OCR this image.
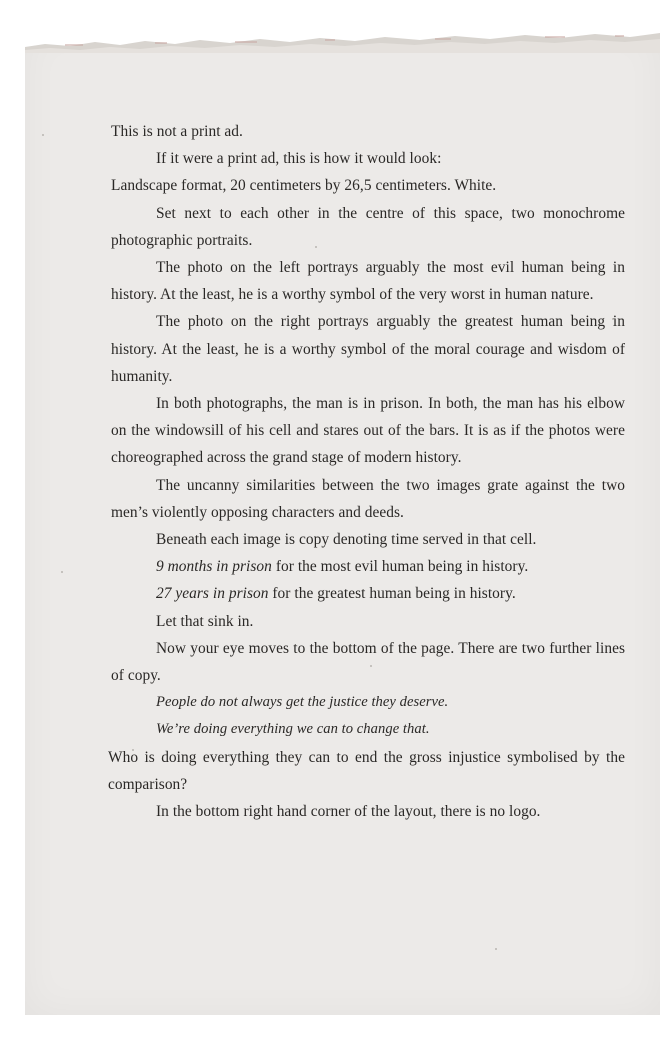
This is not a print ad.

If it were a print ad, this is how it would look:

Landscape format, 20 centimeters by 26,5 centimeters. White.

Set next to each other in the centre of this space, two monochrome photographic portraits.

The photo on the left portrays arguably the most evil human being in history. At the least, he is a worthy symbol of the very worst in human nature.

The photo on the right portrays arguably the greatest human being in history. At the least, he is a worthy symbol of the moral courage and wisdom of humanity.

In both photographs, the man is in prison. In both, the man has his elbow on the windowsill of his cell and stares out of the bars. It is as if the photos were choreographed across the grand stage of modern history.

The uncanny similarities between the two images grate against the two men’s violently opposing characters and deeds.

Beneath each image is copy denoting time served in that cell.

9 months in prison for the most evil human being in history.

27 years in prison for the greatest human being in history.

Let that sink in.

Now your eye moves to the bottom of the page. There are two further lines of copy.

People do not always get the justice they deserve.

We’re doing everything we can to change that.

Who is doing everything they can to end the gross injustice symbolised by the comparison?

In the bottom right hand corner of the layout, there is no logo.
